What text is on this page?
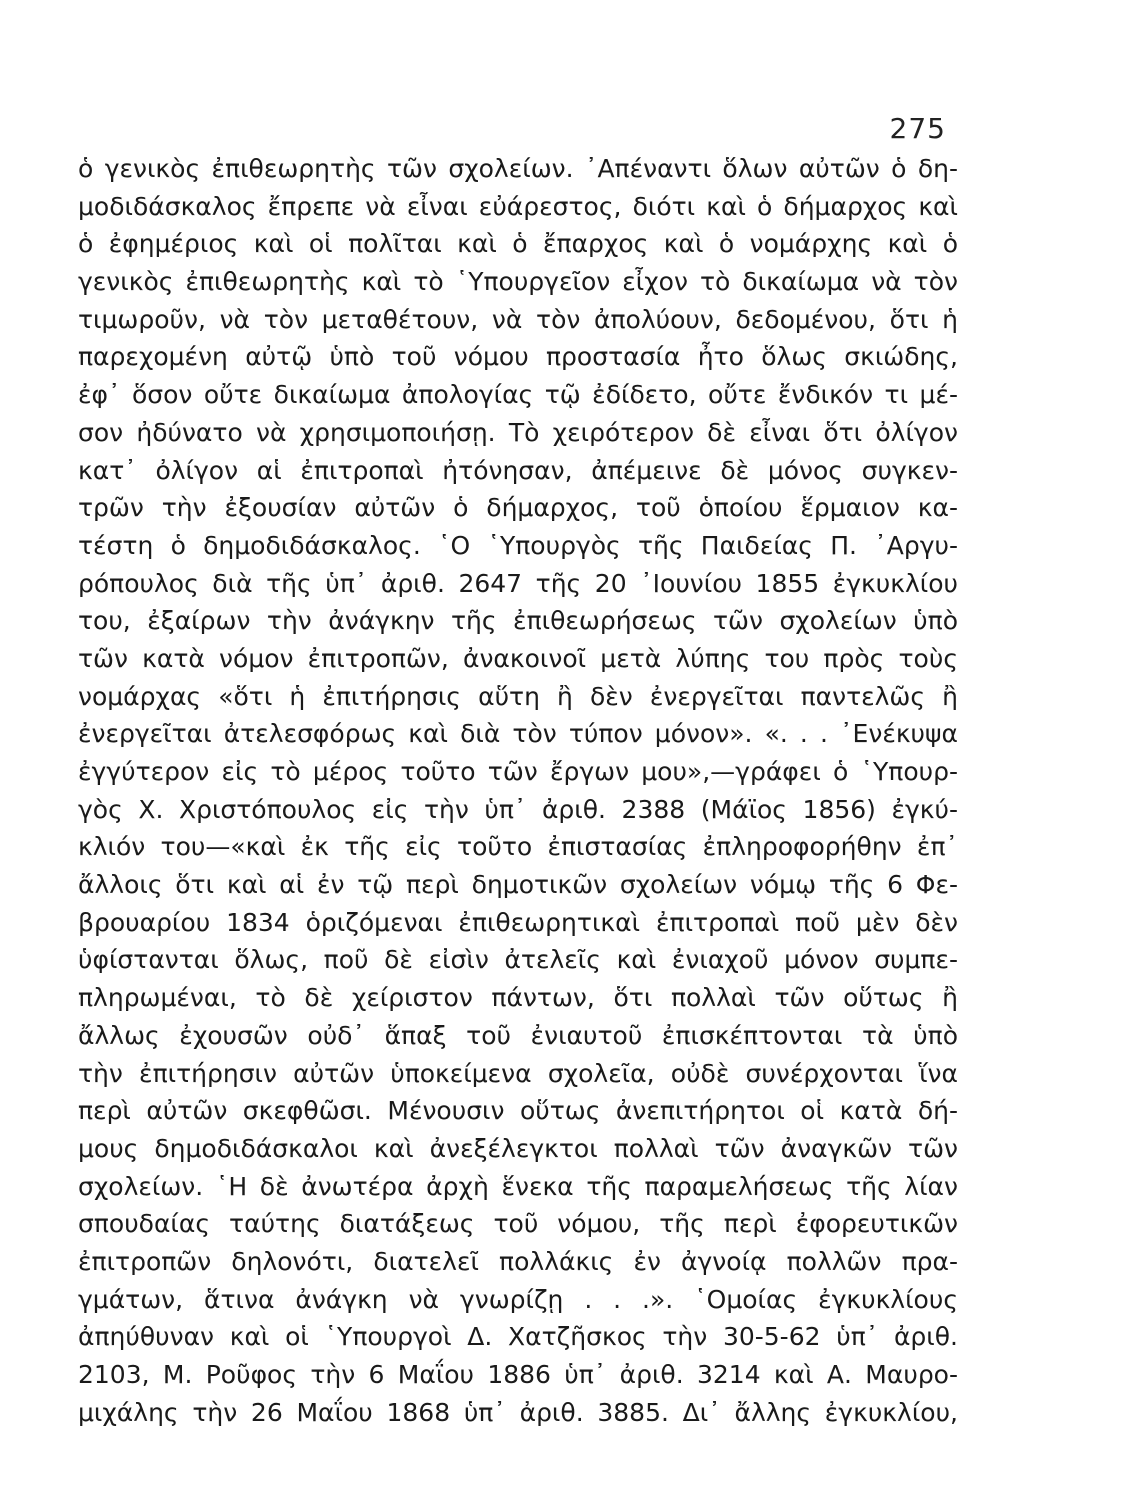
275
ὁ γενικὸς ἐπιθεωρητὴς τῶν σχολείων. ᾿Απέναντι ὅλων αὐτῶν ὁ δη-
μοδιδάσκαλος ἔπρεπε νὰ εἶναι εὐάρεστος, διότι καὶ ὁ δήμαρχος καὶ
ὁ ἐφημέριος καὶ οἱ πολῖται καὶ ὁ ἔπαρχος καὶ ὁ νομάρχης καὶ ὁ
γενικὸς ἐπιθεωρητὴς καὶ τὸ ῾Υπουργεῖον εἶχον τὸ δικαίωμα νὰ τὸν
τιμωροῦν, νὰ τὸν μεταθέτουν, νὰ τὸν ἀπολύουν, δεδομένου, ὅτι ἡ
παρεχομένη αὐτῷ ὑπὸ τοῦ νόμου προστασία ἦτο ὅλως σκιώδης,
ἐφ᾿ ὅσον οὔτε δικαίωμα ἀπολογίας τῷ ἐδίδετο, οὔτε ἔνδικόν τι μέ-
σον ἠδύνατο νὰ χρησιμοποιήσῃ. Τὸ χειρότερον δὲ εἶναι ὅτι ὀλίγον
κατ᾿ ὀλίγον αἱ ἐπιτροπαὶ ἠτόνησαν, ἀπέμεινε δὲ μόνος συγκεν-
τρῶν τὴν ἐξουσίαν αὐτῶν ὁ δήμαρχος, τοῦ ὁποίου ἕρμαιον κα-
τέστη ὁ δημοδιδάσκαλος. ῾Ο ῾Υπουργὸς τῆς Παιδείας Π. ᾿Αργυ-
ρόπουλος διὰ τῆς ὑπ᾿ ἀριθ. 2647 τῆς 20 ᾿Ιουνίου 1855 ἐγκυκλίου
του, ἐξαίρων τὴν ἀνάγκην τῆς ἐπιθεωρήσεως τῶν σχολείων ὑπὸ
τῶν κατὰ νόμον ἐπιτροπῶν, ἀνακοινοῖ μετὰ λύπης του πρὸς τοὺς
νομάρχας «ὅτι ἡ ἐπιτήρησις αὕτη ἢ δὲν ἐνεργεῖται παντελῶς ἢ
ἐνεργεῖται ἀτελεσφόρως καὶ διὰ τὸν τύπον μόνον». «. . . ᾿Ενέκυψα
ἐγγύτερον εἰς τὸ μέρος τοῦτο τῶν ἔργων μου»,—γράφει ὁ ῾Υπουρ-
γὸς Χ. Χριστόπουλος εἰς τὴν ὑπ᾿ ἀριθ. 2388 (Μάϊος 1856) ἐγκύ-
κλιόν του—«καὶ ἐκ τῆς εἰς τοῦτο ἐπιστασίας ἐπληροφορήθην ἐπ᾿
ἄλλοις ὅτι καὶ αἱ ἐν τῷ περὶ δημοτικῶν σχολείων νόμῳ τῆς 6 Φε-
βρουαρίου 1834 ὁριζόμεναι ἐπιθεωρητικαὶ ἐπιτροπαὶ ποῦ μὲν δὲν
ὑφίστανται ὅλως, ποῦ δὲ εἰσὶν ἀτελεῖς καὶ ἐνιαχοῦ μόνον συμπε-
πληρωμέναι, τὸ δὲ χείριστον πάντων, ὅτι πολλαὶ τῶν οὕτως ἢ
ἄλλως ἐχουσῶν οὐδ᾿ ἅπαξ τοῦ ἐνιαυτοῦ ἐπισκέπτονται τὰ ὑπὸ
τὴν ἐπιτήρησιν αὐτῶν ὑποκείμενα σχολεῖα, οὐδὲ συνέρχονται ἵνα
περὶ αὐτῶν σκεφθῶσι. Μένουσιν οὕτως ἀνεπιτήρητοι οἱ κατὰ δή-
μους δημοδιδάσκαλοι καὶ ἀνεξέλεγκτοι πολλαὶ τῶν ἀναγκῶν τῶν
σχολείων. ῾Η δὲ ἀνωτέρα ἀρχὴ ἕνεκα τῆς παραμελήσεως τῆς λίαν
σπουδαίας ταύτης διατάξεως τοῦ νόμου, τῆς περὶ ἐφορευτικῶν
ἐπιτροπῶν δηλονότι, διατελεῖ πολλάκις ἐν ἀγνοίᾳ πολλῶν πρα-
γμάτων, ἅτινα ἀνάγκη νὰ γνωρίζῃ . . .». ῾Ομοίας ἐγκυκλίους
ἀπηύθυναν καὶ οἱ ῾Υπουργοὶ Δ. Χατζῆσκος τὴν 30-5-62 ὑπ᾿ ἀριθ.
2103, Μ. Ροῦφος τὴν 6 Μαΐου 1886 ὑπ᾿ ἀριθ. 3214 καὶ Α. Μαυρο-
μιχάλης τὴν 26 Μαΐου 1868 ὑπ᾿ ἀριθ. 3885. Δι᾿ ἄλλης ἐγκυκλίου,
